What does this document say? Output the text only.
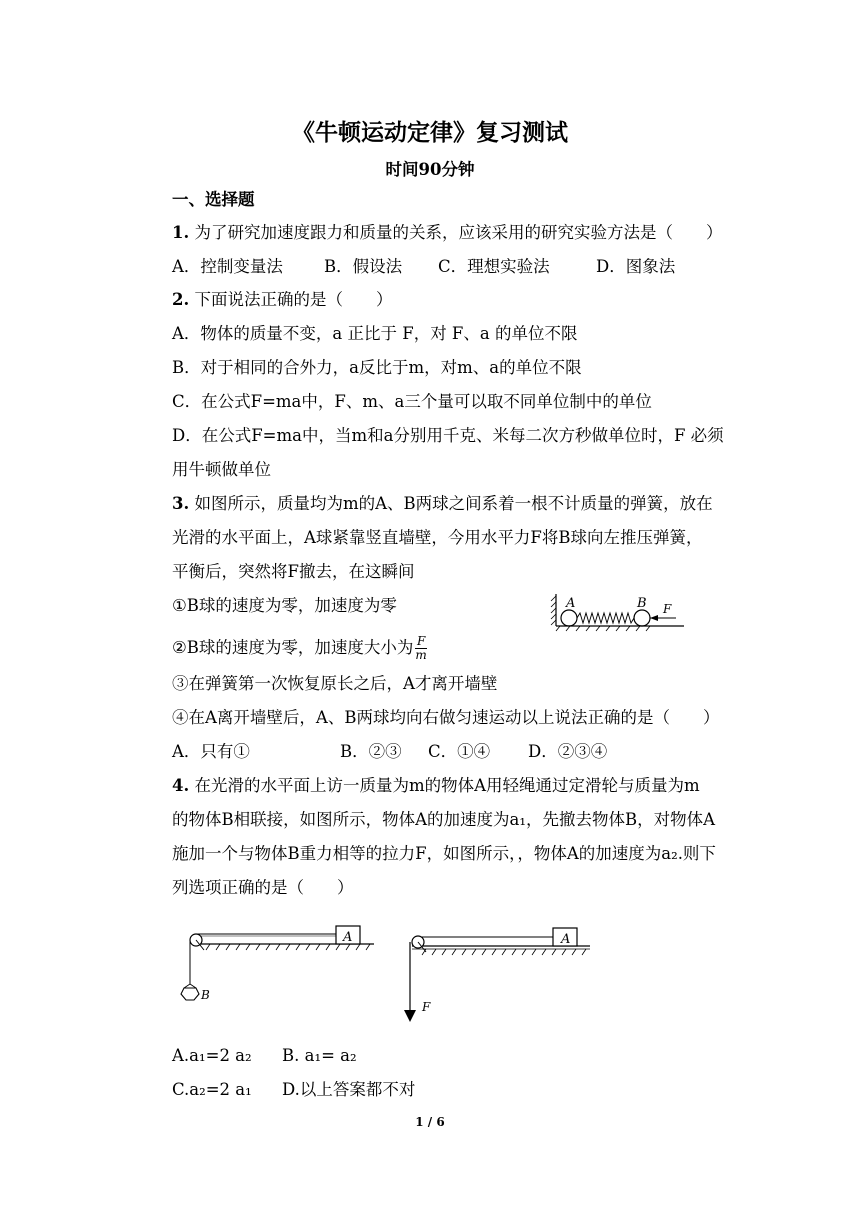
《牛顿运动定律》复习测试
时间90分钟
一、选择题
1. 为了研究加速度跟力和质量的关系，应该采用的研究实验方法是（　　）
A．控制变量法 B．假设法 C．理想实验法	D．图象法
2. 下面说法正确的是（　　）
A．物体的质量不变，a 正比于 F，对 F、a 的单位不限
B．对于相同的合外力，a反比于m，对m、a的单位不限
C．在公式F=ma中，F、m、a三个量可以取不同单位制中的单位
D．在公式F=ma中，当m和a分别用千克、米每二次方秒做单位时，F 必须
用牛顿做单位
3. 如图所示，质量均为m的A、B两球之间系着一根不计质量的弹簧，放在
光滑的水平面上，A球紧靠竖直墙壁，今用水平力F将B球向左推压弹簧，
平衡后，突然将F撤去，在这瞬间
①B球的速度为零，加速度为零
②B球的速度为零，加速度大小为 $\frac{F}{m}$
③在弹簧第一次恢复原长之后，A才离开墙壁
④在A离开墙壁后，A、B两球均向右做匀速运动以上说法正确的是（　　）
A．只有①	B．②③ C．①④ D．②③④
A	B F
4. 在光滑的水平面上访一质量为m的物体A用轻绳通过定滑轮与质量为m
的物体B相联接，如图所示，物体A的加速度为a₁，先撤去物体B，对物体A
施加一个与物体B重力相等的拉力F，如图所示，，物体A的加速度为a₂.则下
列选项正确的是（　　）
A
B
A
F
A.a₁=2 a₂ B. a₁= a₂
C.a₂=2 a₁ D.以上答案都不对
1 / 6
